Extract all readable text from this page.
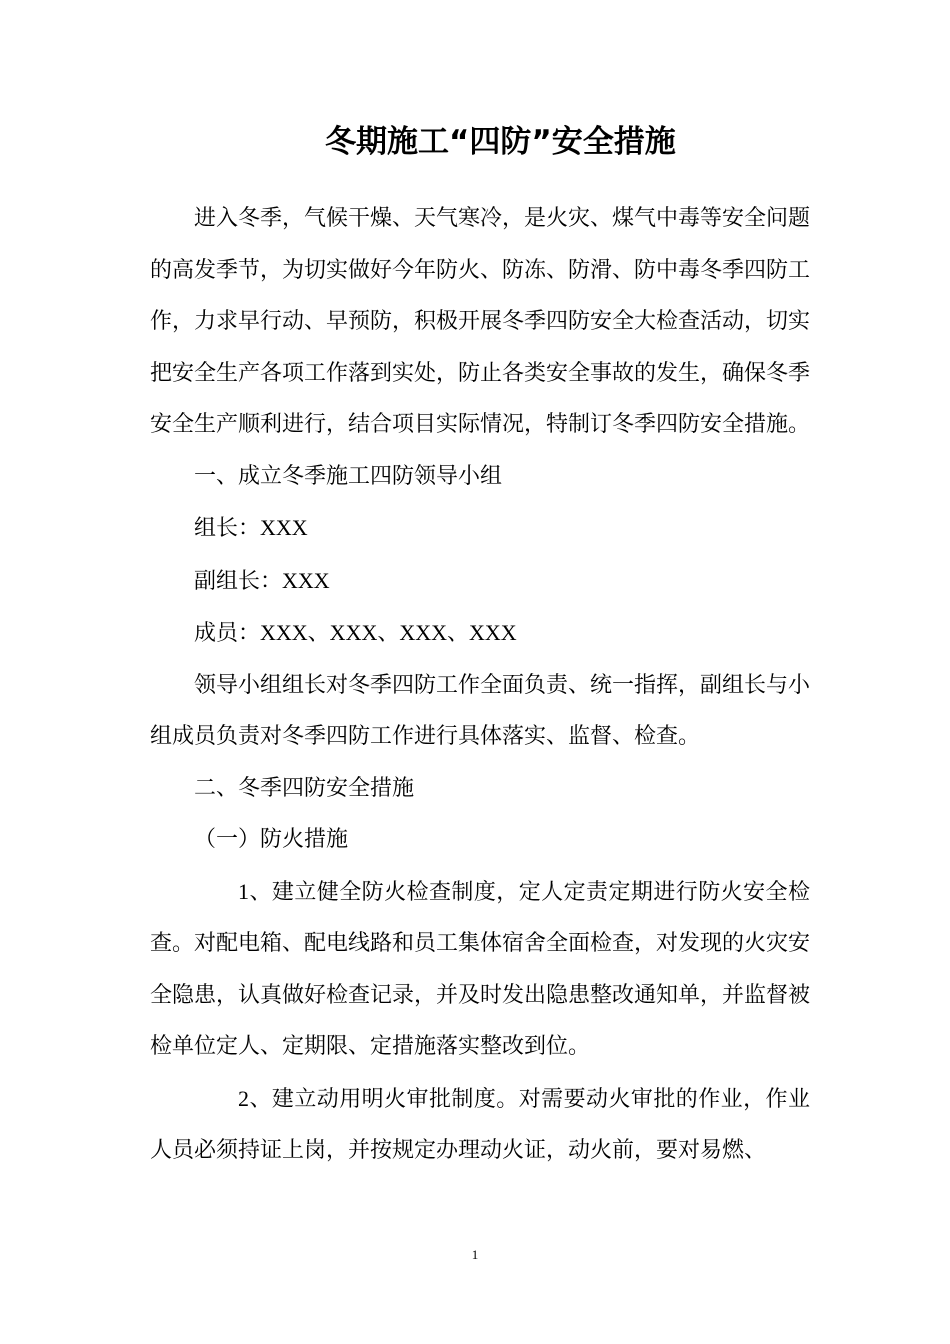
冬期施工“四防”安全措施

进入冬季，气候干燥、天气寒冷，是火灾、煤气中毒等安全问题的高发季节，为切实做好今年防火、防冻、防滑、防中毒冬季四防工作，力求早行动、早预防，积极开展冬季四防安全大检查活动，切实把安全生产各项工作落到实处，防止各类安全事故的发生，确保冬季安全生产顺利进行，结合项目实际情况，特制订冬季四防安全措施。

一、成立冬季施工四防领导小组

组长：XXX

副组长：XXX

成员：XXX、XXX、XXX、XXX

领导小组组长对冬季四防工作全面负责、统一指挥，副组长与小组成员负责对冬季四防工作进行具体落实、监督、检查。

二、冬季四防安全措施

（一）防火措施

1、建立健全防火检查制度，定人定责定期进行防火安全检查。对配电箱、配电线路和员工集体宿舍全面检查，对发现的火灾安全隐患，认真做好检查记录，并及时发出隐患整改通知单，并监督被检单位定人、定期限、定措施落实整改到位。

2、建立动用明火审批制度。对需要动火审批的作业，作业人员必须持证上岗，并按规定办理动火证，动火前，要对易燃、

1
